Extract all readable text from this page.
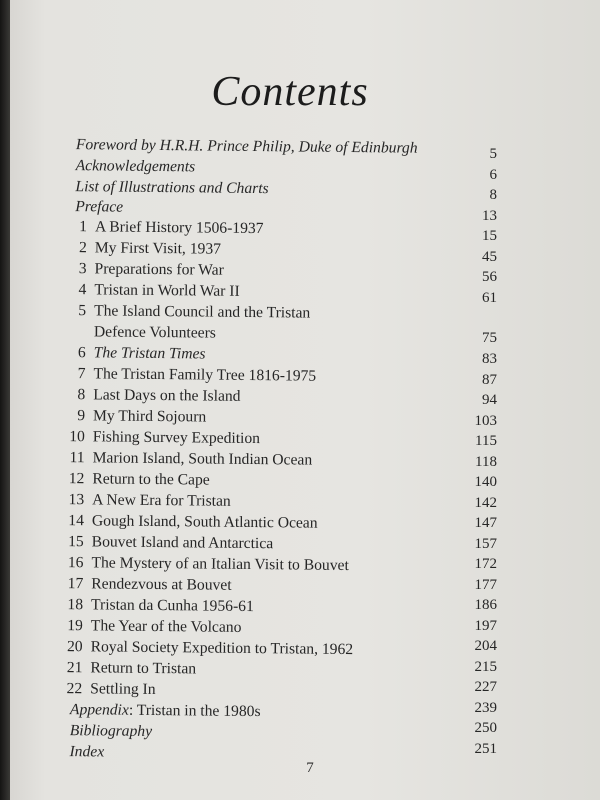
Contents
Foreword by H.R.H. Prince Philip, Duke of Edinburgh
Acknowledgements
List of Illustrations and Charts
Preface
1 A Brief History 1506-1937
2 My First Visit, 1937
3 Preparations for War
4 Tristan in World War II
5 The Island Council and the Tristan
Defence Volunteers
6 The Tristan Times
7 The Tristan Family Tree 1816-1975
8 Last Days on the Island
9 My Third Sojourn
10 Fishing Survey Expedition
11 Marion Island, South Indian Ocean
12 Return to the Cape
13 A New Era for Tristan
14 Gough Island, South Atlantic Ocean
15 Bouvet Island and Antarctica
16 The Mystery of an Italian Visit to Bouvet
17 Rendezvous at Bouvet
18 Tristan da Cunha 1956-61
19 The Year of the Volcano
20 Royal Society Expedition to Tristan, 1962
21 Return to Tristan
22 Settling In
Appendix: Tristan in the 1980s
Bibliography
Index
5
6
8
13
15
45
56
61
75
83
87
94
103
115
118
140
142
147
157
172
177
186
197
204
215
227
239
250
251
7
